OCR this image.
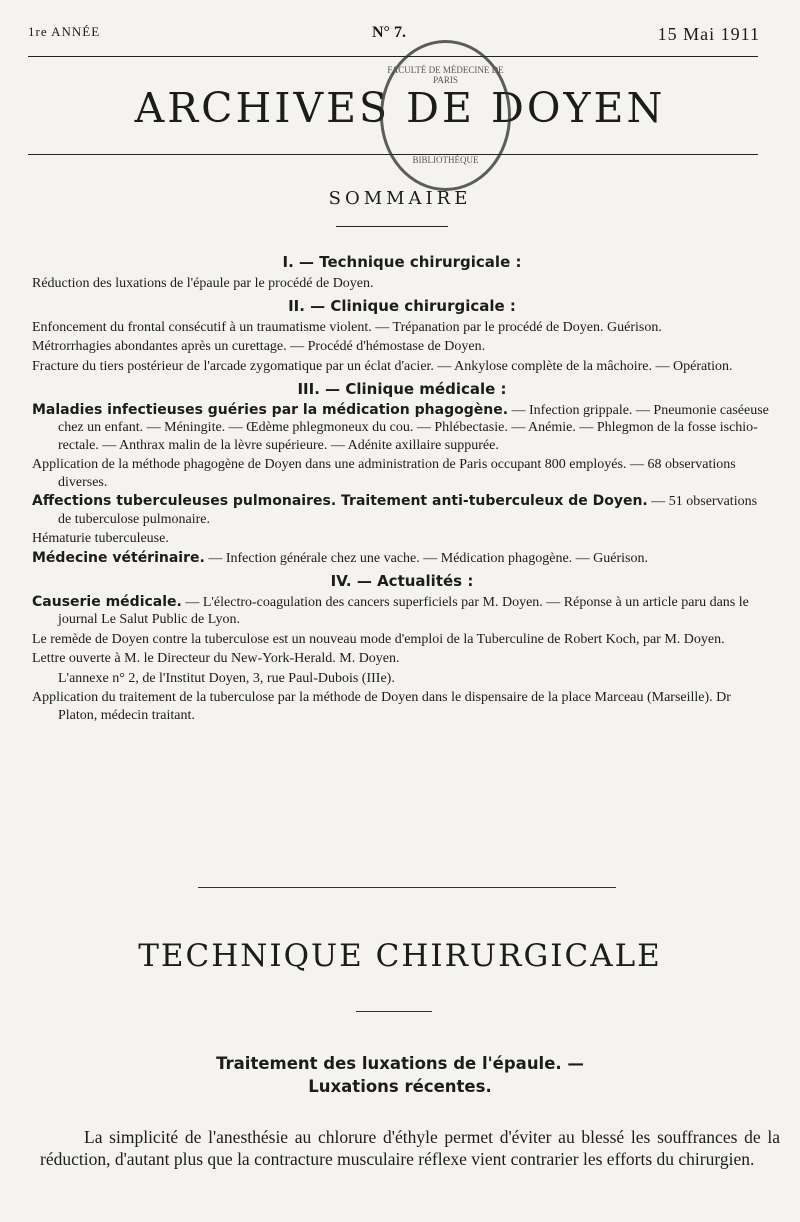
1re ANNÉE	N° 7.	15 Mai 1911
ARCHIVES DE DOYEN
FACULTÉ DE MÉDECINE DE PARIS
BIBLIOTHÈQUE
SOMMAIRE
I. — Technique chirurgicale :
Réduction des luxations de l'épaule par le procédé de Doyen.
II. — Clinique chirurgicale :
Enfoncement du frontal consécutif à un traumatisme violent. — Trépanation par le procédé de Doyen. Guérison.
Métrorrhagies abondantes après un curettage. — Procédé d'hémostase de Doyen.
Fracture du tiers postérieur de l'arcade zygomatique par un éclat d'acier. — Ankylose complète de la mâchoire. — Opération.
III. — Clinique médicale :
Maladies infectieuses guéries par la médication phagogène. — Infection grippale. — Pneumonie caséeuse chez un enfant. — Méningite. — Œdème phlegmoneux du cou. — Phlébectasie. — Anémie. — Phlegmon de la fosse ischio-rectale. — Anthrax malin de la lèvre supérieure. — Adénite axillaire suppurée.
Application de la méthode phagogène de Doyen dans une administration de Paris occupant 800 employés. — 68 observations diverses.
Affections tuberculeuses pulmonaires. Traitement anti-tuberculeux de Doyen. — 51 observations de tuberculose pulmonaire.
Hématurie tuberculeuse.
Médecine vétérinaire. — Infection générale chez une vache. — Médication phagogène. — Guérison.
IV. — Actualités :
Causerie médicale. — L'électro-coagulation des cancers superficiels par M. Doyen. — Réponse à un article paru dans le journal Le Salut Public de Lyon.
Le remède de Doyen contre la tuberculose est un nouveau mode d'emploi de la Tuberculine de Robert Koch, par M. Doyen.
Lettre ouverte à M. le Directeur du New-York-Herald. M. Doyen.
L'annexe n° 2, de l'Institut Doyen, 3, rue Paul-Dubois (IIIe).
Application du traitement de la tuberculose par la méthode de Doyen dans le dispensaire de la place Marceau (Marseille). Dr Platon, médecin traitant.
TECHNIQUE CHIRURGICALE
Traitement des luxations de l'épaule. —
Luxations récentes.
La simplicité de l'anesthésie au chlorure d'éthyle permet d'éviter au blessé les souffrances de la réduction, d'autant plus que la contracture musculaire réflexe vient contrarier les efforts du chirurgien.
